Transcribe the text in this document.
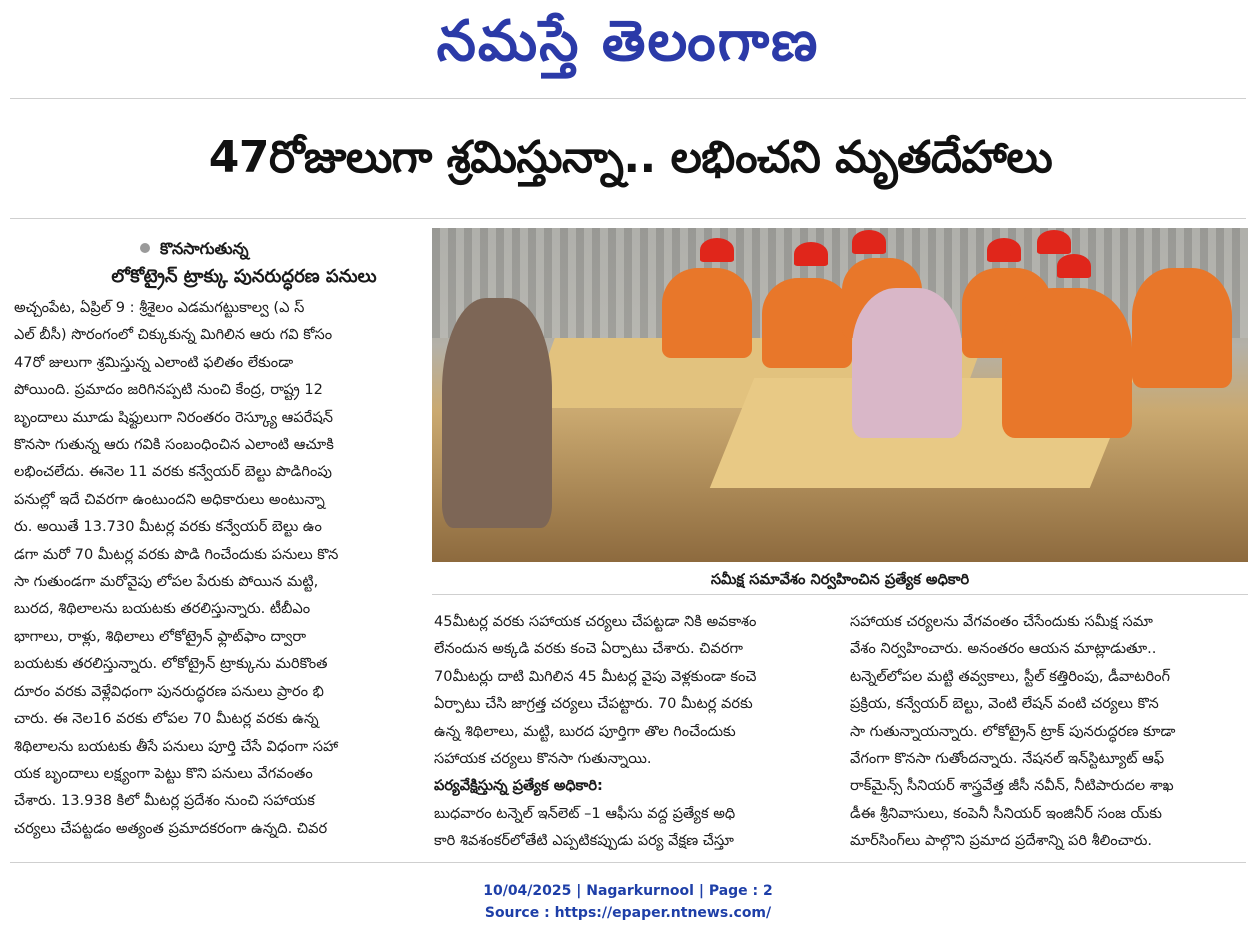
నమస్తే తెలంగాణ
47రోజులుగా శ్రమిస్తున్నా.. లభించని మృతదేహాలు
కొనసాగుతున్న
లోకోట్రైన్‌ ట్రాక్కు పునరుద్ధరణ పనులు

అచ్చంపేట, ఏప్రిల్‌ 9 : శ్రీశైలం ఎడమగట్టుకాల్వ (ఎ స్‌

ఎల్‌ బీసీ) సొరంగంలో చిక్కుకున్న మిగిలిన ఆరు గవి కోసం

47రో జులుగా శ్రమిస్తున్న ఎలాంటి ఫలితం లేకుండా

పోయింది. ప్రమాదం జరిగినప్పటి నుంచి కేంద్ర, రాష్ట్ర 12

బృందాలు మూడు షిఫ్టులుగా నిరంతరం రెస్క్యూ ఆపరేషన్‌

కొనసా గుతున్న ఆరు గవికి సంబంధించిన ఎలాంటి ఆచూకి

లభించలేదు. ఈనెల 11 వరకు కన్వేయర్‌ బెల్టు పొడిగింపు

పనుల్లో ఇదే చివరగా ఉంటుందని అధికారులు అంటున్నా

రు. అయితే 13.730 మీటర్ల వరకు కన్వేయర్‌ బెల్టు ఉం

డగా మరో 70 మీటర్ల వరకు పొడి గించేందుకు పనులు కొన

సా గుతుండగా మరోవైపు లోపల పేరుకు పోయిన మట్టి,

బురద, శిథిలాలను బయటకు తరలిస్తున్నారు. టీబీఎం

భాగాలు, రాళ్లు, శిథిలాలు లోకోట్రైన్‌ ఫ్లాట్‌ఫాం ద్వారా

బయటకు తరలిస్తున్నారు. లోకోట్రైన్‌ ట్రాక్కును మరికొంత

దూరం వరకు వెళ్లేవిధంగా పునరుద్ధరణ పనులు ప్రారం భి

చారు. ఈ నెల16 వరకు లోపల 70 మీటర్ల వరకు ఉన్న

శిథిలాలను బయటకు తీసే పనులు పూర్తి చేసే విధంగా సహా

యక బృందాలు లక్ష్యంగా పెట్టు కొని పనులు వేగవంతం

చేశారు. 13.938 కిలో మీటర్ల ప్రదేశం నుంచి సహాయక

చర్యలు చేపట్టడం అత్యంత ప్రమాదకరంగా ఉన్నది. చివర

సమీక్ష సమావేశం నిర్వహించిన ప్రత్యేక అధికారి

45మీటర్ల వరకు సహాయక చర్యలు చేపట్టడా నికి అవకాశం

లేనందున అక్కడి వరకు కంచె ఏర్పాటు చేశారు. చివరగా

70మీటర్లు దాటి మిగిలిన 45 మీటర్ల వైపు వెళ్లకుండా కంచె

ఏర్పాటు చేసి జాగ్రత్త చర్యలు చేపట్టారు. 70 మీటర్ల వరకు

ఉన్న శిథిలాలు, మట్టి, బురద పూర్తిగా తొల గించేందుకు

సహాయక చర్యలు కొనసా గుతున్నాయి.

పర్యవేక్షిస్తున్న ప్రత్యేక అధికారి:

బుధవారం టన్నెల్‌ ఇన్‌లెట్‌ –1 ఆఫీసు వద్ద ప్రత్యేక అధి

కారి శివశంకర్‌లోతేటి ఎప్పటికప్పుడు పర్య వేక్షణ చేస్తూ

సహాయక చర్యలను వేగవంతం చేసేందుకు సమీక్ష సమా

వేశం నిర్వహించారు. అనంతరం ఆయన మాట్లాడుతూ..

టన్నెల్‌లోపల మట్టి తవ్వకాలు, స్టీల్‌ కత్తిరింపు, డీవాటరింగ్‌

ప్రక్రియ, కన్వేయర్‌ బెల్టు, వెంటి లేషన్‌ వంటి చర్యలు కొన

సా గుతున్నాయన్నారు. లోకోట్రైన్‌ ట్రాక్‌ పునరుద్ధరణ కూడా

వేగంగా కొనసా గుతోందన్నారు. నేషనల్‌ ఇన్‌స్టిట్యూట్‌ ఆఫ్‌

రాక్‌మైన్స్‌ సీనియర్‌ శాస్త్రవేత్త జీసీ నవీన్‌, నీటిపారుదల శాఖ

డీఈ శ్రీనివాసులు, కంపెనీ సీనియర్‌ ఇంజినీర్‌ సంజ య్‌కు

మార్‌సింగ్‌లు పాల్గొని ప్రమాద ప్రదేశాన్ని పరి శీలించారు.

10/04/2025 | Nagarkurnool | Page : 2
Source : https://epaper.ntnews.com/
